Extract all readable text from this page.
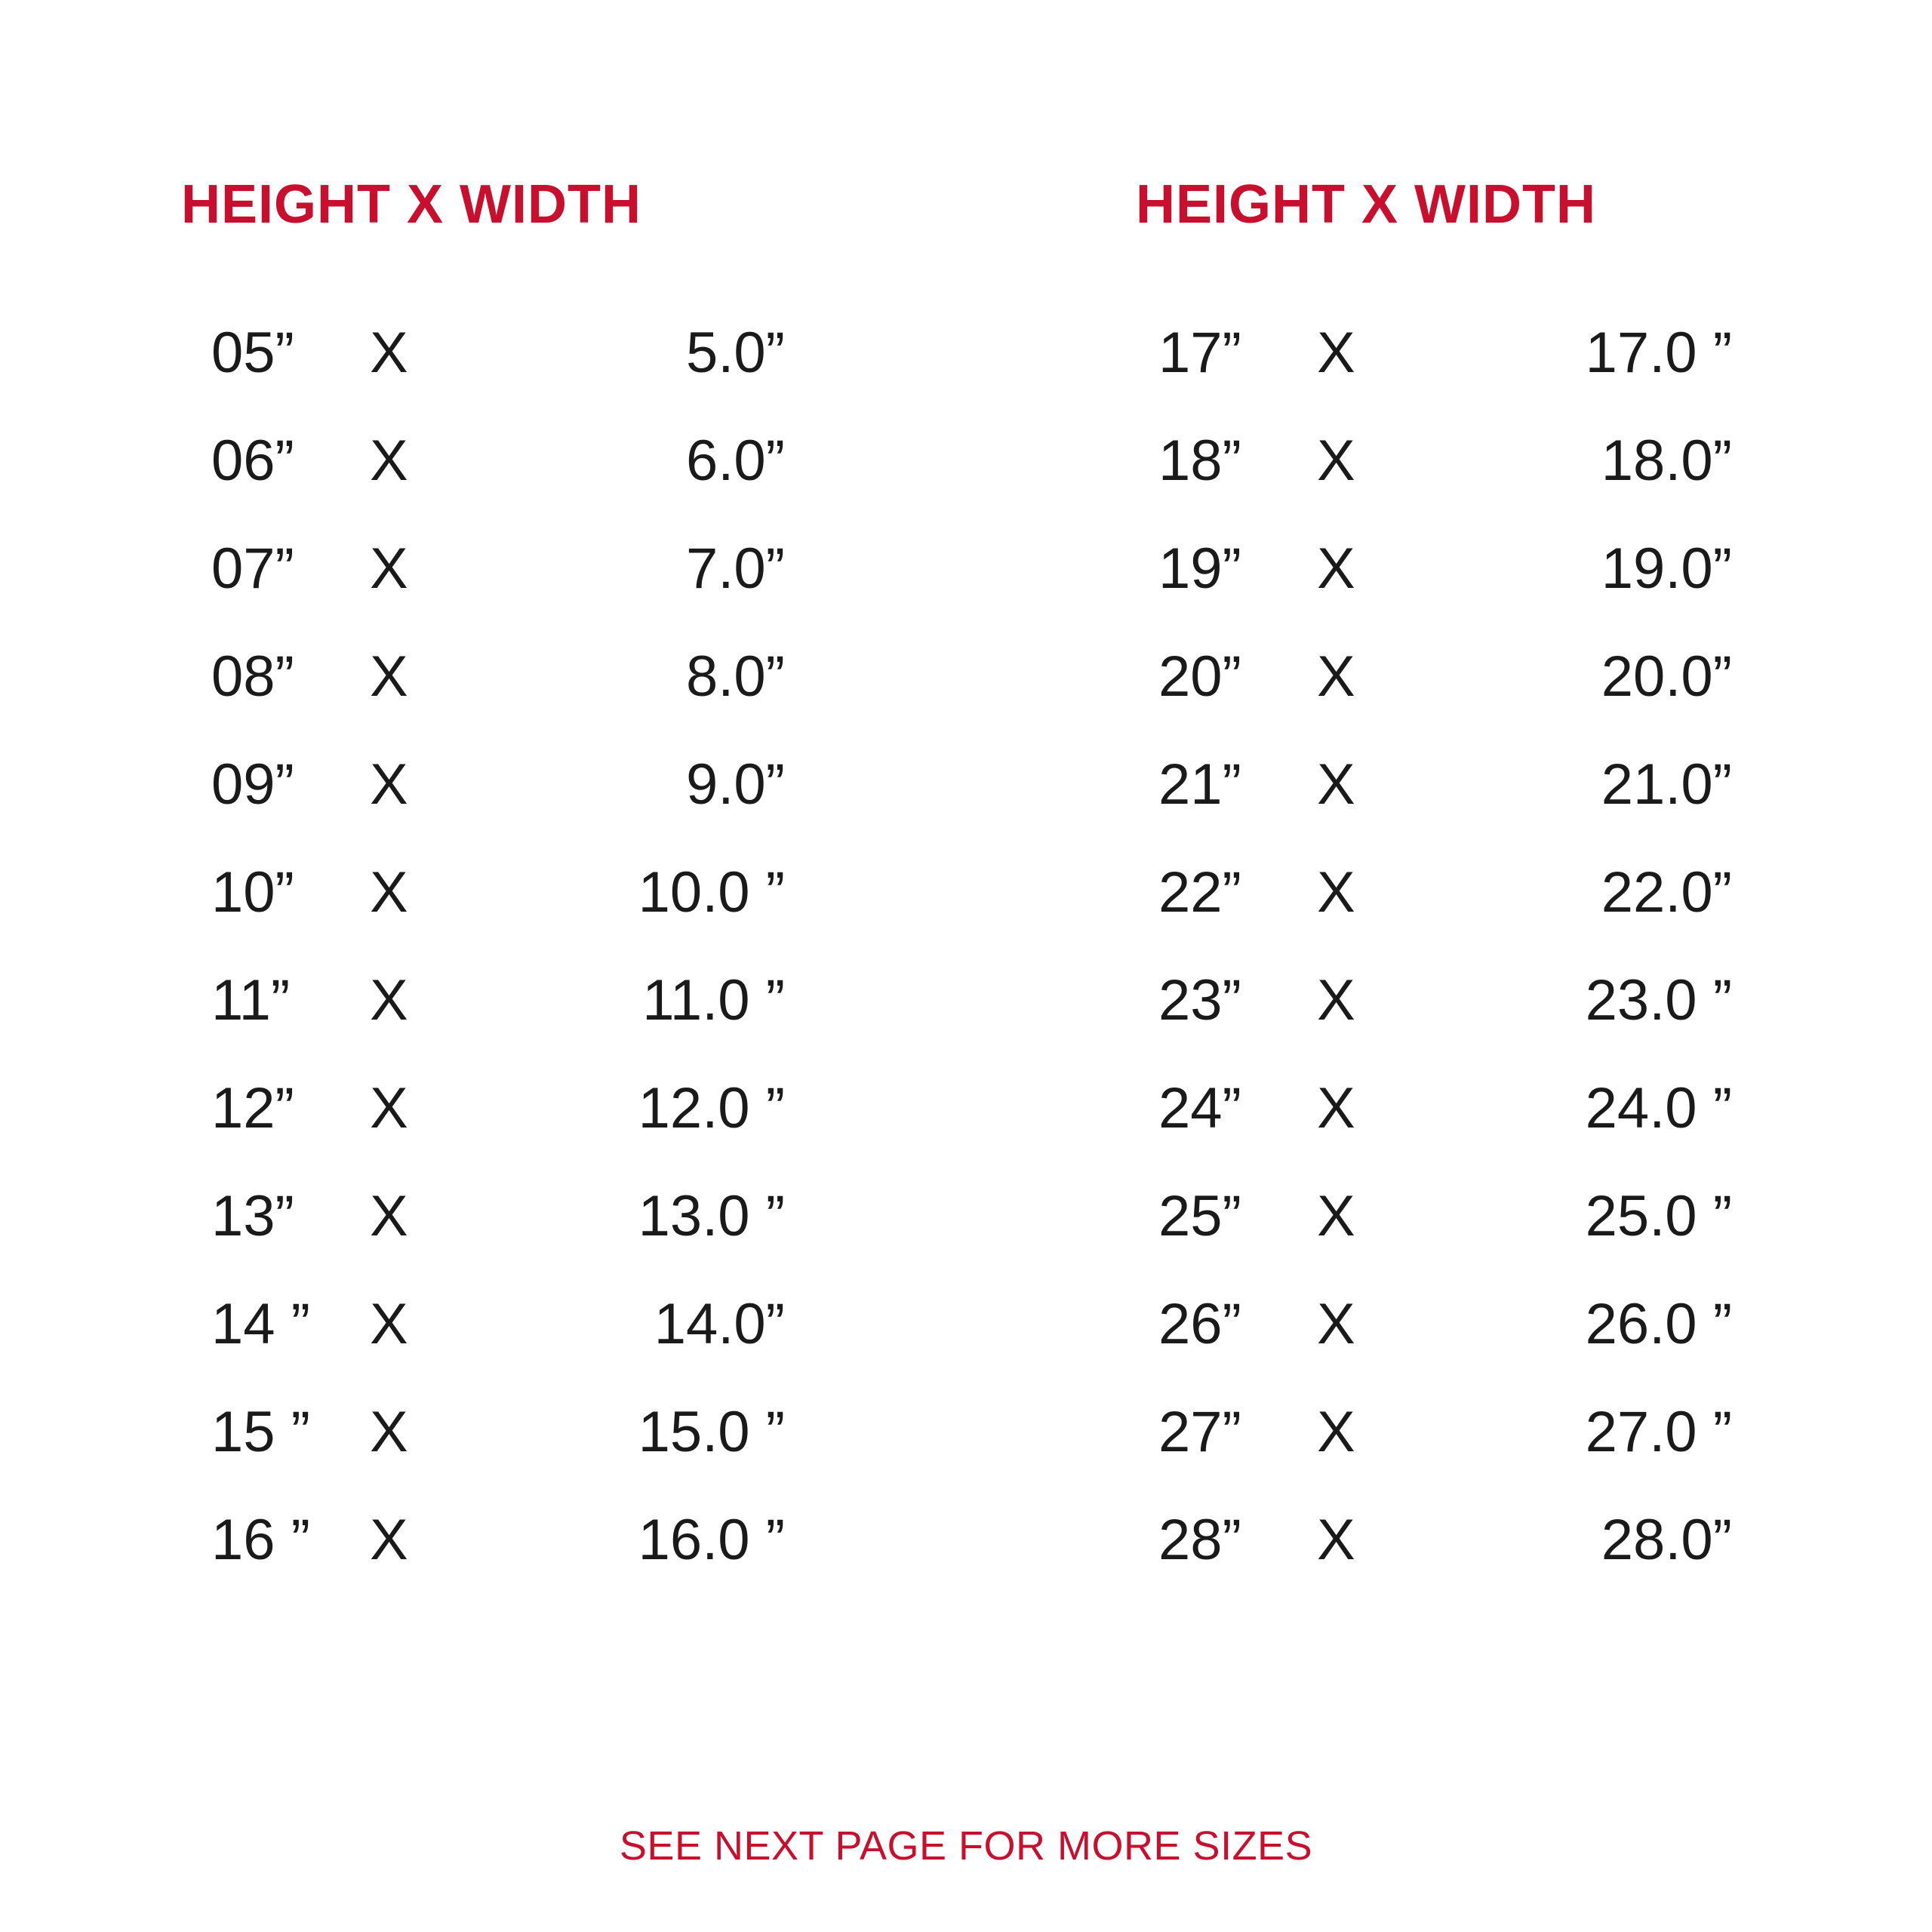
HEIGHT X WIDTH
05”	X	5.0”
06”	X	6.0”
07”	X	7.0”
08”	X	8.0”
09”	X	9.0”
10”	X	10.0 ”
11”	X	11.0 ”
12”	X	12.0 ”
13”	X	13.0 ”
14 ”	X	14.0”
15 ”	X	15.0 ”
16 ”	X	16.0 ”
HEIGHT X WIDTH
17”	X	17.0 ”
18”	X	18.0”
19”	X	19.0”
20”	X	20.0”
21”	X	21.0”
22”	X	22.0”
23”	X	23.0 ”
24”	X	24.0 ”
25”	X	25.0 ”
26”	X	26.0 ”
27”	X	27.0 ”
28”	X	28.0”
SEE NEXT PAGE FOR MORE SIZES
